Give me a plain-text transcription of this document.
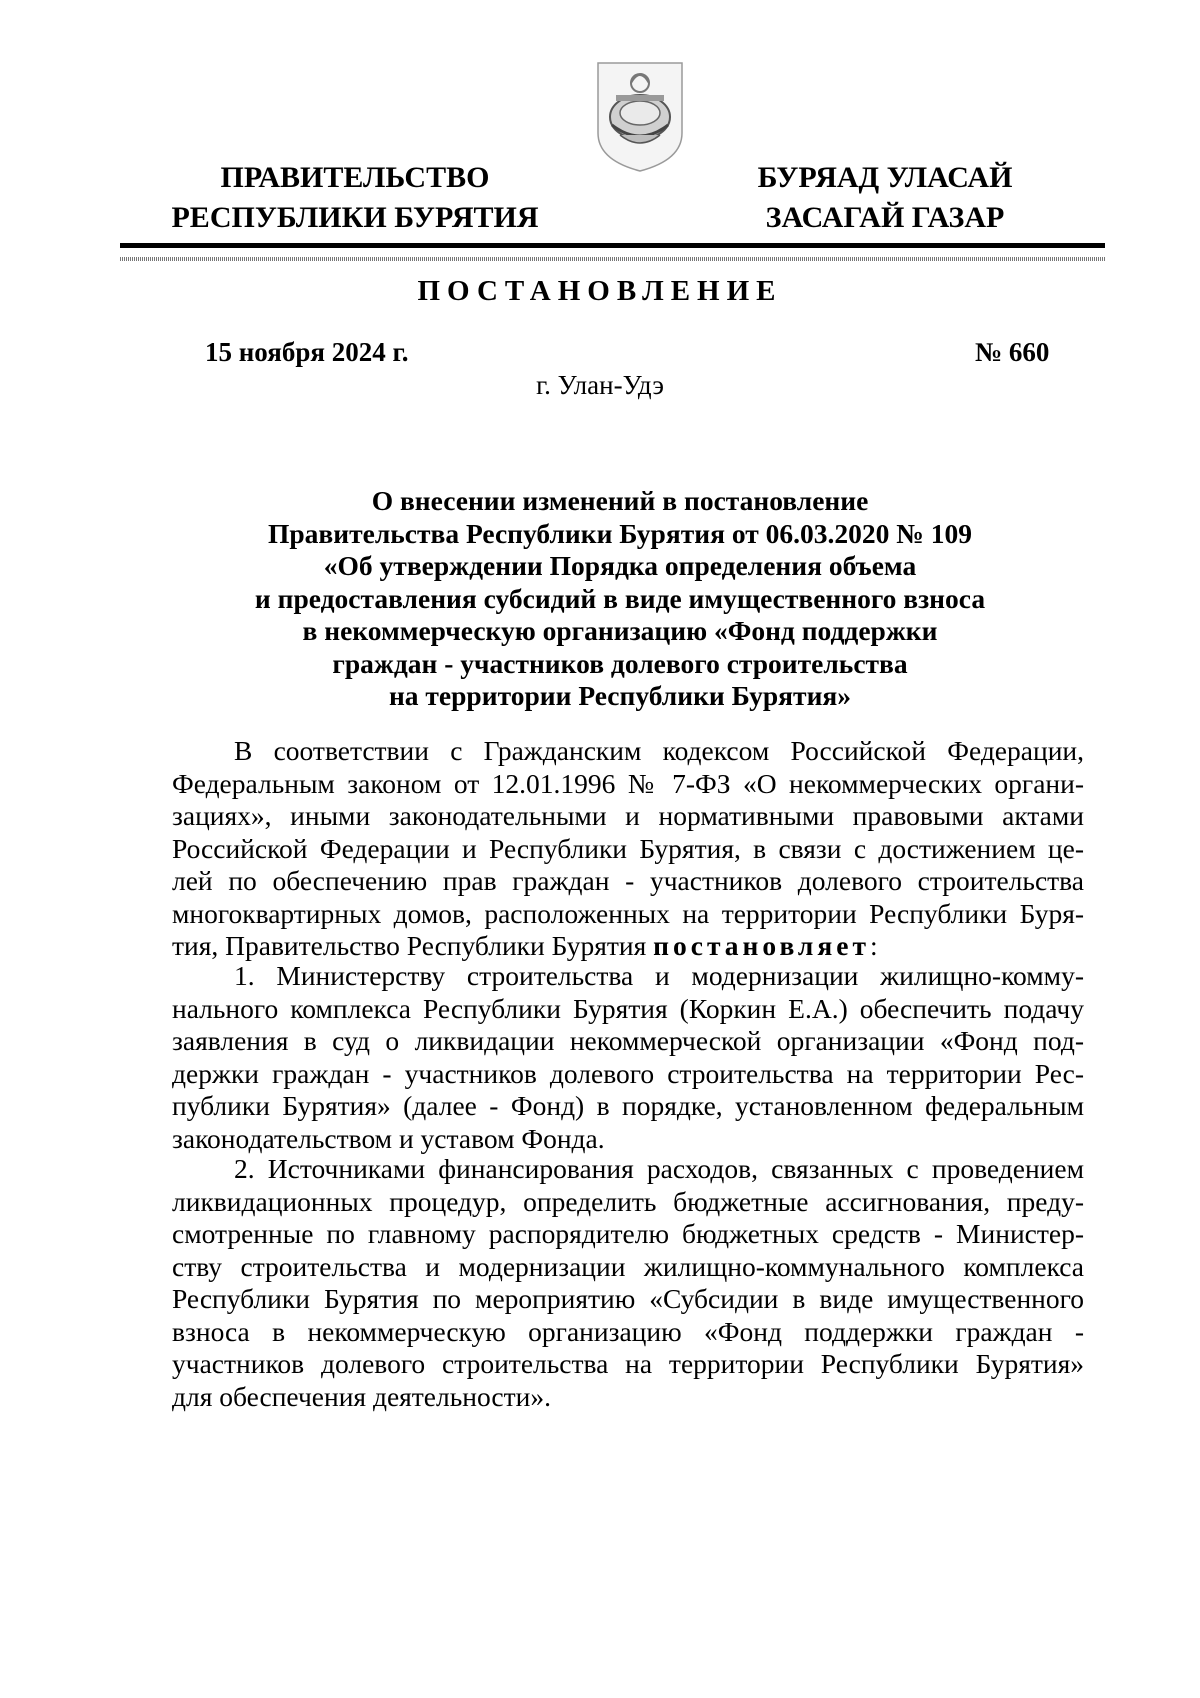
ПРАВИТЕЛЬСТВО
РЕСПУБЛИКИ БУРЯТИЯ
БУРЯАД УЛАСАЙ
ЗАСАГАЙ ГАЗАР
ПОСТАНОВЛЕНИЕ
15 ноября 2024 г.	№ 660
г. Улан-Удэ
О внесении изменений в постановление
Правительства Республики Бурятия от 06.03.2020 № 109
«Об утверждении Порядка определения объема
и предоставления субсидий в виде имущественного взноса
в некоммерческую организацию «Фонд поддержки
граждан - участников долевого строительства
на территории Республики Бурятия»
В соответствии с Гражданским кодексом Российской Федерации,
Федеральным законом от 12.01.1996 № 7-ФЗ «О некоммерческих органи-
зациях», иными законодательными и нормативными правовыми актами
Российской Федерации и Республики Бурятия, в связи с достижением це-
лей по обеспечению прав граждан - участников долевого строительства
многоквартирных домов, расположенных на территории Республики Буря-
тия, Правительство Республики Бурятия постановляет:
1. Министерству строительства и модернизации жилищно-комму-
нального комплекса Республики Бурятия (Коркин Е.А.) обеспечить подачу
заявления в суд о ликвидации некоммерческой организации «Фонд под-
держки граждан - участников долевого строительства на территории Рес-
публики Бурятия» (далее - Фонд) в порядке, установленном федеральным
законодательством и уставом Фонда.
2. Источниками финансирования расходов, связанных с проведением
ликвидационных процедур, определить бюджетные ассигнования, преду-
смотренные по главному распорядителю бюджетных средств - Министер-
ству строительства и модернизации жилищно-коммунального комплекса
Республики Бурятия по мероприятию «Субсидии в виде имущественного
взноса в некоммерческую организацию «Фонд поддержки граждан -
участников долевого строительства на территории Республики Бурятия»
для обеспечения деятельности».
